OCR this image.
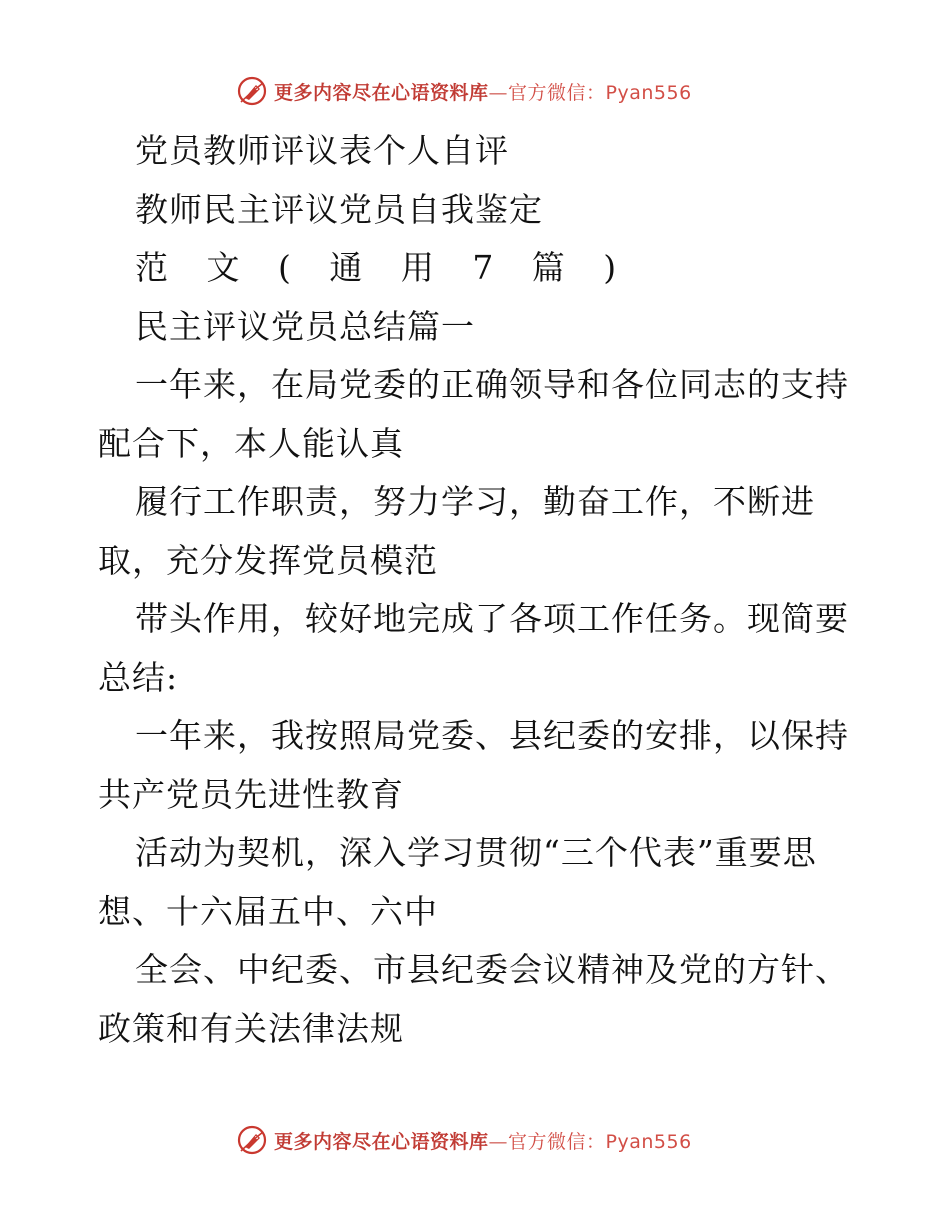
更多内容尽在心语资料库—官方微信：Pyan556
党员教师评议表个人自评
教师民主评议党员自我鉴定
范 文 ( 通 用 7 篇 )
民主评议党员总结篇一
一年来，在局党委的正确领导和各位同志的支持
配合下，本人能认真
履行工作职责，努力学习，勤奋工作，不断进
取，充分发挥党员模范
带头作用，较好地完成了各项工作任务。现简要
总结:
一年来，我按照局党委、县纪委的安排，以保持
共产党员先进性教育
活动为契机，深入学习贯彻“三个代表”重要思
想、十六届五中、六中
全会、中纪委、市县纪委会议精神及党的方针、
政策和有关法律法规
更多内容尽在心语资料库—官方微信：Pyan556
